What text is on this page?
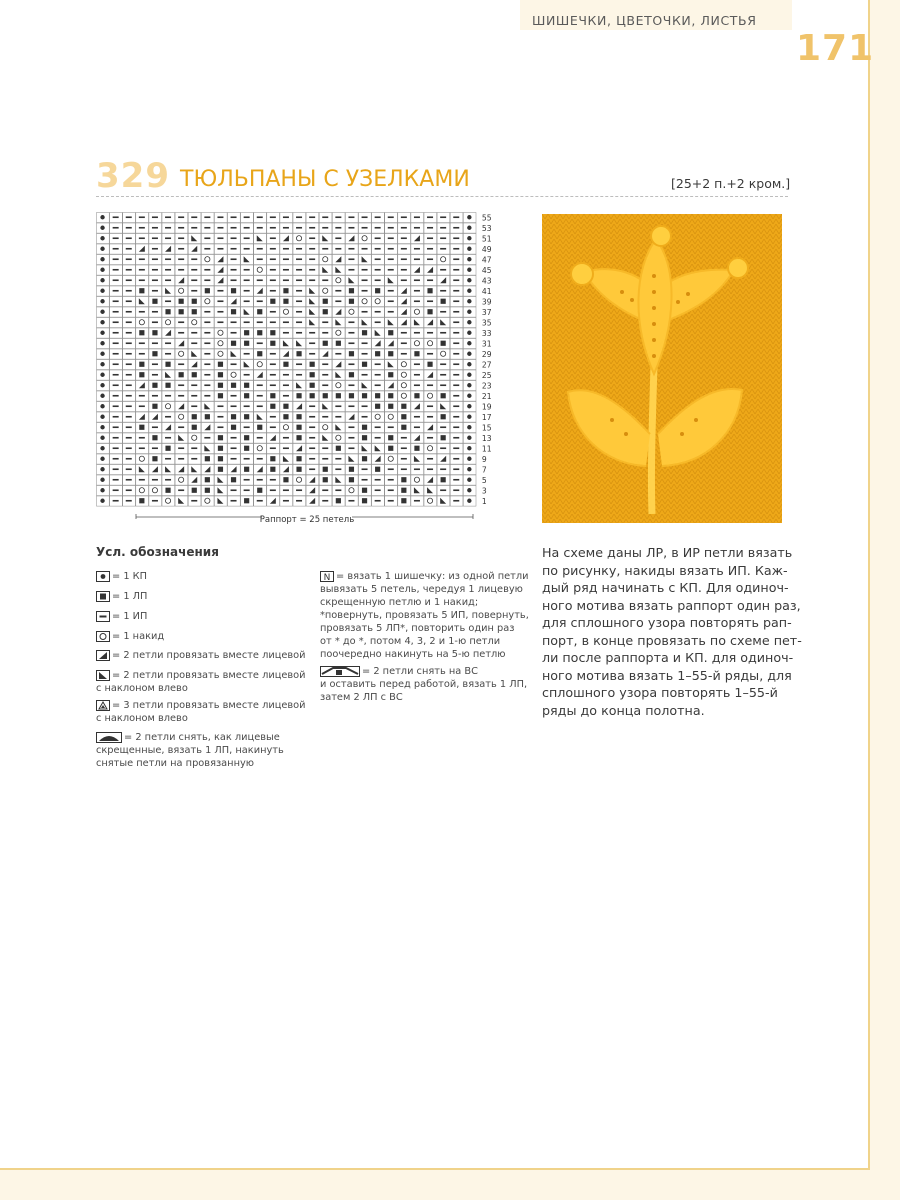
ШИШЕЧКИ, ЦВЕТОЧКИ, ЛИСТЬЯ
171
329 ТЮЛЬПАНЫ С УЗЕЛКАМИ	[25+2 п.+2 кром.]
55
53
51
49
47
45
43
41
39
37
35
33
31
29
27
25
23
21
19
17
15
13
11
9
7
5
3
1
Раппорт = 25 петель
Усл. обозначения
= 1 КП
= 1 ЛП
= 1 ИП
= 1 накид
= 2 петли провязать вместе лицевой
= 2 петли провязать вместе лицевой
с наклоном влево
= 3 петли провязать вместе лицевой
с наклоном влево
= 2 петли снять, как лицевые
скрещенные, вязать 1 ЛП, накинуть
снятые петли на провязанную
N = вязать 1 шишечку: из одной петли
вывязать 5 петель, чередуя 1 лицевую
скрещенную петлю и 1 накид;
*повернуть, провязать 5 ИП, повернуть,
провязать 5 ЛП*, повторить один раз
от * до *, потом 4, 3, 2 и 1-ю петли
поочередно накинуть на 5-ю петлю
= 2 петли снять на ВС
и оставить перед работой, вязать 1 ЛП,
затем 2 ЛП с ВС
На схеме даны ЛР, в ИР петли вязать
по рисунку, накиды вязать ИП. Каж-
дый ряд начинать с КП. Для одиноч-
ного мотива вязать раппорт один раз,
для сплошного узора повторять рап-
порт, в конце провязать по схеме пет-
ли после раппорта и КП. для одиноч-
ного мотива вязать 1–55-й ряды, для
сплошного узора повторять 1–55-й
ряды до конца полотна.
